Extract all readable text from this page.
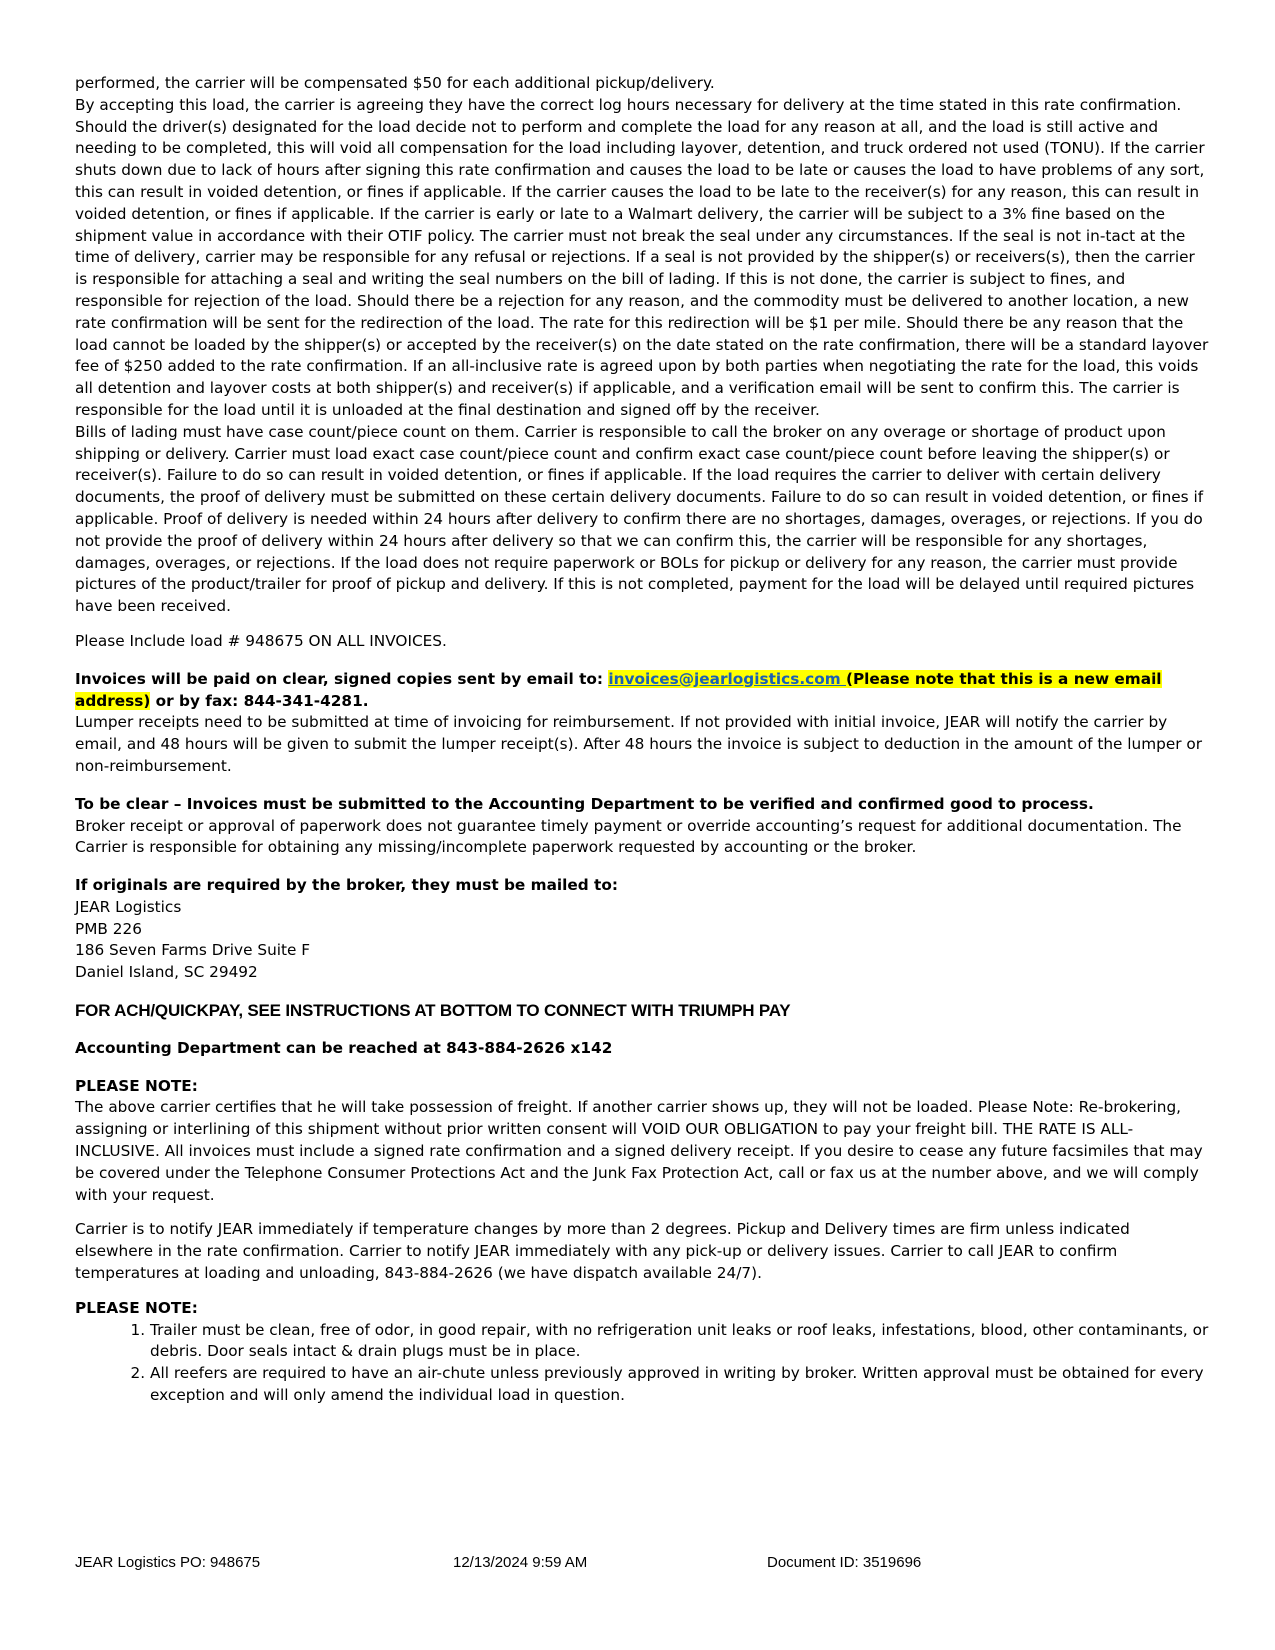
performed, the carrier will be compensated $50 for each additional pickup/delivery.

By accepting this load, the carrier is agreeing they have the correct log hours necessary for delivery at the time stated in this rate confirmation. Should the driver(s) designated for the load decide not to perform and complete the load for any reason at all, and the load is still active and needing to be completed, this will void all compensation for the load including layover, detention, and truck ordered not used (TONU). If the carrier shuts down due to lack of hours after signing this rate confirmation and causes the load to be late or causes the load to have problems of any sort, this can result in voided detention, or fines if applicable. If the carrier causes the load to be late to the receiver(s) for any reason, this can result in voided detention, or fines if applicable. If the carrier is early or late to a Walmart delivery, the carrier will be subject to a 3% fine based on the shipment value in accordance with their OTIF policy. The carrier must not break the seal under any circumstances. If the seal is not in-tact at the time of delivery, carrier may be responsible for any refusal or rejections. If a seal is not provided by the shipper(s) or receivers(s), then the carrier is responsible for attaching a seal and writing the seal numbers on the bill of lading. If this is not done, the carrier is subject to fines, and responsible for rejection of the load. Should there be a rejection for any reason, and the commodity must be delivered to another location, a new rate confirmation will be sent for the redirection of the load. The rate for this redirection will be $1 per mile. Should there be any reason that the load cannot be loaded by the shipper(s) or accepted by the receiver(s) on the date stated on the rate confirmation, there will be a standard layover fee of $250 added to the rate confirmation. If an all-inclusive rate is agreed upon by both parties when negotiating the rate for the load, this voids all detention and layover costs at both shipper(s) and receiver(s) if applicable, and a verification email will be sent to confirm this. The carrier is responsible for the load until it is unloaded at the final destination and signed off by the receiver.

Bills of lading must have case count/piece count on them. Carrier is responsible to call the broker on any overage or shortage of product upon shipping or delivery. Carrier must load exact case count/piece count and confirm exact case count/piece count before leaving the shipper(s) or receiver(s). Failure to do so can result in voided detention, or fines if applicable. If the load requires the carrier to deliver with certain delivery documents, the proof of delivery must be submitted on these certain delivery documents. Failure to do so can result in voided detention, or fines if applicable. Proof of delivery is needed within 24 hours after delivery to confirm there are no shortages, damages, overages, or rejections. If you do not provide the proof of delivery within 24 hours after delivery so that we can confirm this, the carrier will be responsible for any shortages, damages, overages, or rejections. If the load does not require paperwork or BOLs for pickup or delivery for any reason, the carrier must provide pictures of the product/trailer for proof of pickup and delivery. If this is not completed, payment for the load will be delayed until required pictures have been received.

Please Include load # 948675 ON ALL INVOICES.

Invoices will be paid on clear, signed copies sent by email to: invoices@jearlogistics.com (Please note that this is a new email address) or by fax: 844-341-4281.

Lumper receipts need to be submitted at time of invoicing for reimbursement. If not provided with initial invoice, JEAR will notify the carrier by email, and 48 hours will be given to submit the lumper receipt(s). After 48 hours the invoice is subject to deduction in the amount of the lumper or non-reimbursement.

To be clear – Invoices must be submitted to the Accounting Department to be verified and confirmed good to process.

Broker receipt or approval of paperwork does not guarantee timely payment or override accounting’s request for additional documentation. The Carrier is responsible for obtaining any missing/incomplete paperwork requested by accounting or the broker.

If originals are required by the broker, they must be mailed to:

JEAR Logistics

PMB 226

186 Seven Farms Drive Suite F

Daniel Island, SC 29492

FOR ACH/QUICKPAY, SEE INSTRUCTIONS AT BOTTOM TO CONNECT WITH TRIUMPH PAY

Accounting Department can be reached at 843-884-2626 x142

PLEASE NOTE:

The above carrier certifies that he will take possession of freight. If another carrier shows up, they will not be loaded. Please Note: Re-brokering, assigning or interlining of this shipment without prior written consent will VOID OUR OBLIGATION to pay your freight bill. THE RATE IS ALL-INCLUSIVE. All invoices must include a signed rate confirmation and a signed delivery receipt. If you desire to cease any future facsimiles that may be covered under the Telephone Consumer Protections Act and the Junk Fax Protection Act, call or fax us at the number above, and we will comply with your request.

Carrier is to notify JEAR immediately if temperature changes by more than 2 degrees. Pickup and Delivery times are firm unless indicated elsewhere in the rate confirmation. Carrier to notify JEAR immediately with any pick-up or delivery issues. Carrier to call JEAR to confirm temperatures at loading and unloading, 843-884-2626 (we have dispatch available 24/7).

PLEASE NOTE:

1. Trailer must be clean, free of odor, in good repair, with no refrigeration unit leaks or roof leaks, infestations, blood, other contaminants, or debris. Door seals intact & drain plugs must be in place.
2. All reefers are required to have an air-chute unless previously approved in writing by broker. Written approval must be obtained for every exception and will only amend the individual load in question.
JEAR Logistics PO: 948675	12/13/2024 9:59 AM	Document ID: 3519696
